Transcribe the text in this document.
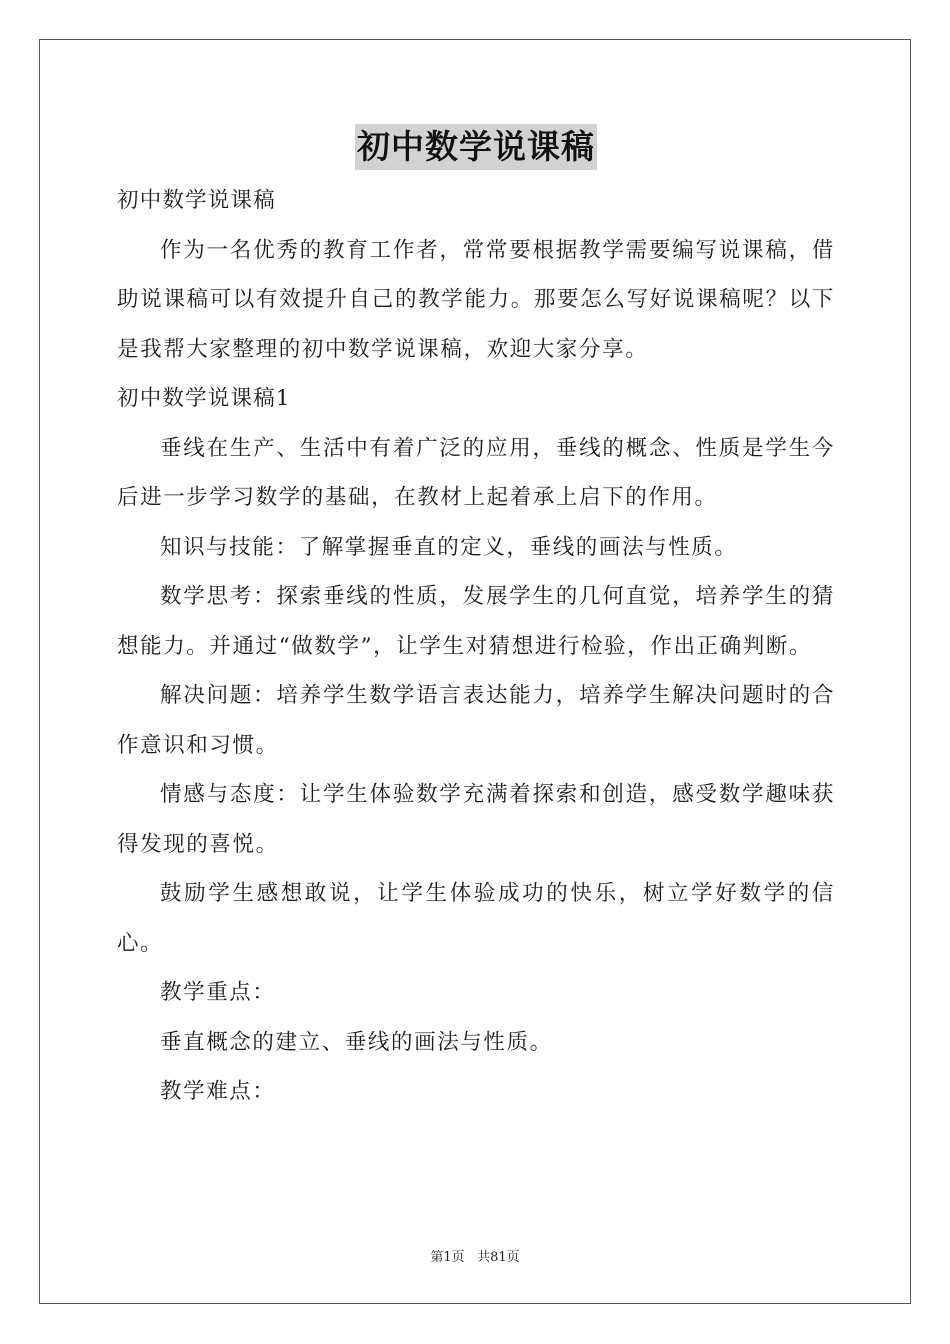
初中数学说课稿

初中数学说课稿

作为一名优秀的教育工作者，常常要根据教学需要编写说课稿，借助说课稿可以有效提升自己的教学能力。那要怎么写好说课稿呢？以下是我帮大家整理的初中数学说课稿，欢迎大家分享。

初中数学说课稿1

垂线在生产、生活中有着广泛的应用，垂线的概念、性质是学生今后进一步学习数学的基础，在教材上起着承上启下的作用。

知识与技能：了解掌握垂直的定义，垂线的画法与性质。

数学思考：探索垂线的性质，发展学生的几何直觉，培养学生的猜想能力。并通过“做数学”，让学生对猜想进行检验，作出正确判断。

解决问题：培养学生数学语言表达能力，培养学生解决问题时的合作意识和习惯。

情感与态度：让学生体验数学充满着探索和创造，感受数学趣味获得发现的喜悦。

鼓励学生感想敢说，让学生体验成功的快乐，树立学好数学的信心。

教学重点：

垂直概念的建立、垂线的画法与性质。

教学难点：

第1页 共81页
